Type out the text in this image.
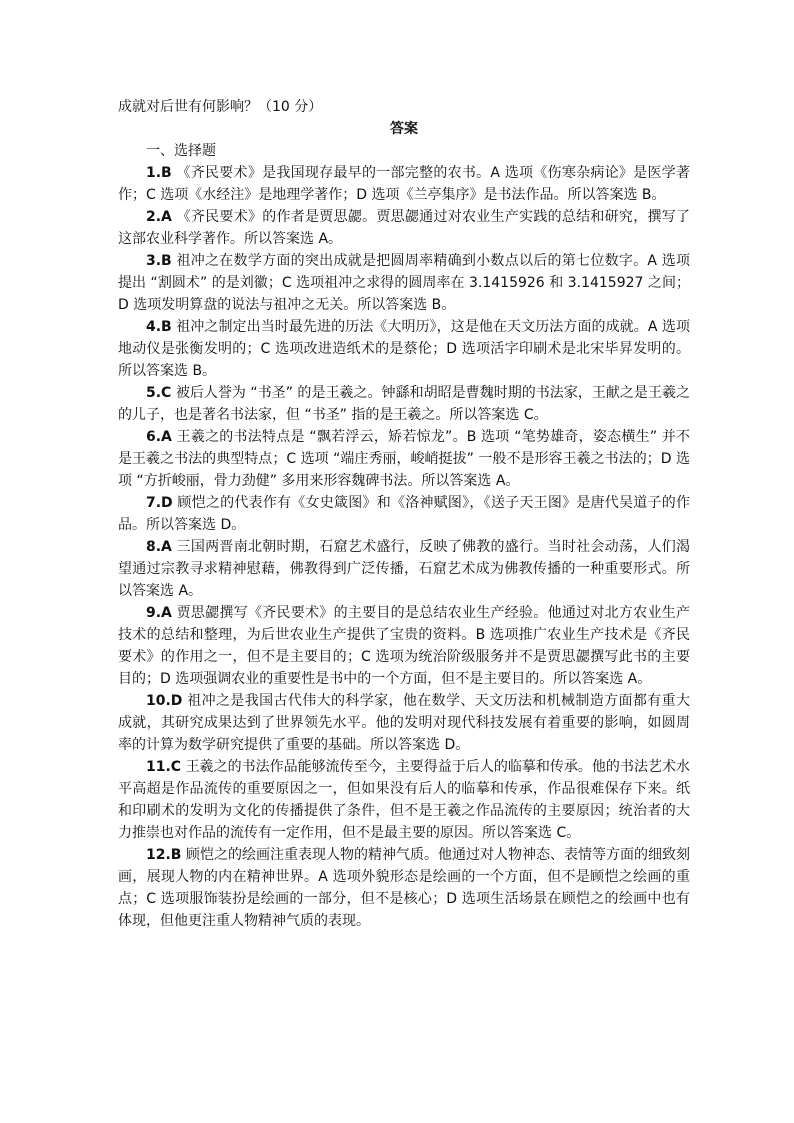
成就对后世有何影响？（10 分）

答案

一、选择题

1.B 《齐民要术》是我国现存最早的一部完整的农书。A 选项《伤寒杂病论》是医学著作；C 选项《水经注》是地理学著作；D 选项《兰亭集序》是书法作品。所以答案选 B。

2.A 《齐民要术》的作者是贾思勰。贾思勰通过对农业生产实践的总结和研究，撰写了这部农业科学著作。所以答案选 A。

3.B 祖冲之在数学方面的突出成就是把圆周率精确到小数点以后的第七位数字。A 选项提出 “割圆术” 的是刘徽；C 选项祖冲之求得的圆周率在 3.1415926 和 3.1415927 之间；D 选项发明算盘的说法与祖冲之无关。所以答案选 B。

4.B 祖冲之制定出当时最先进的历法《大明历》，这是他在天文历法方面的成就。A 选项地动仪是张衡发明的；C 选项改进造纸术的是蔡伦；D 选项活字印刷术是北宋毕昇发明的。所以答案选 B。

5.C 被后人誉为 “书圣” 的是王羲之。钟繇和胡昭是曹魏时期的书法家，王献之是王羲之的儿子，也是著名书法家，但 “书圣” 指的是王羲之。所以答案选 C。

6.A 王羲之的书法特点是 “飘若浮云，矫若惊龙”。B 选项 “笔势雄奇，姿态横生” 并不是王羲之书法的典型特点；C 选项 “端庄秀丽，峻峭挺拔” 一般不是形容王羲之书法的；D 选项 “方折峻丽，骨力劲健” 多用来形容魏碑书法。所以答案选 A。

7.D 顾恺之的代表作有《女史箴图》和《洛神赋图》，《送子天王图》是唐代吴道子的作品。所以答案选 D。

8.A 三国两晋南北朝时期，石窟艺术盛行，反映了佛教的盛行。当时社会动荡，人们渴望通过宗教寻求精神慰藉，佛教得到广泛传播，石窟艺术成为佛教传播的一种重要形式。所以答案选 A。

9.A 贾思勰撰写《齐民要术》的主要目的是总结农业生产经验。他通过对北方农业生产技术的总结和整理，为后世农业生产提供了宝贵的资料。B 选项推广农业生产技术是《齐民要术》的作用之一，但不是主要目的；C 选项为统治阶级服务并不是贾思勰撰写此书的主要目的；D 选项强调农业的重要性是书中的一个方面，但不是主要目的。所以答案选 A。

10.D 祖冲之是我国古代伟大的科学家，他在数学、天文历法和机械制造方面都有重大成就，其研究成果达到了世界领先水平。他的发明对现代科技发展有着重要的影响，如圆周率的计算为数学研究提供了重要的基础。所以答案选 D。

11.C 王羲之的书法作品能够流传至今，主要得益于后人的临摹和传承。他的书法艺术水平高超是作品流传的重要原因之一，但如果没有后人的临摹和传承，作品很难保存下来。纸和印刷术的发明为文化的传播提供了条件，但不是王羲之作品流传的主要原因；统治者的大力推崇也对作品的流传有一定作用，但不是最主要的原因。所以答案选 C。

12.B 顾恺之的绘画注重表现人物的精神气质。他通过对人物神态、表情等方面的细致刻画，展现人物的内在精神世界。A 选项外貌形态是绘画的一个方面，但不是顾恺之绘画的重点；C 选项服饰装扮是绘画的一部分，但不是核心；D 选项生活场景在顾恺之的绘画中也有体现，但他更注重人物精神气质的表现。
